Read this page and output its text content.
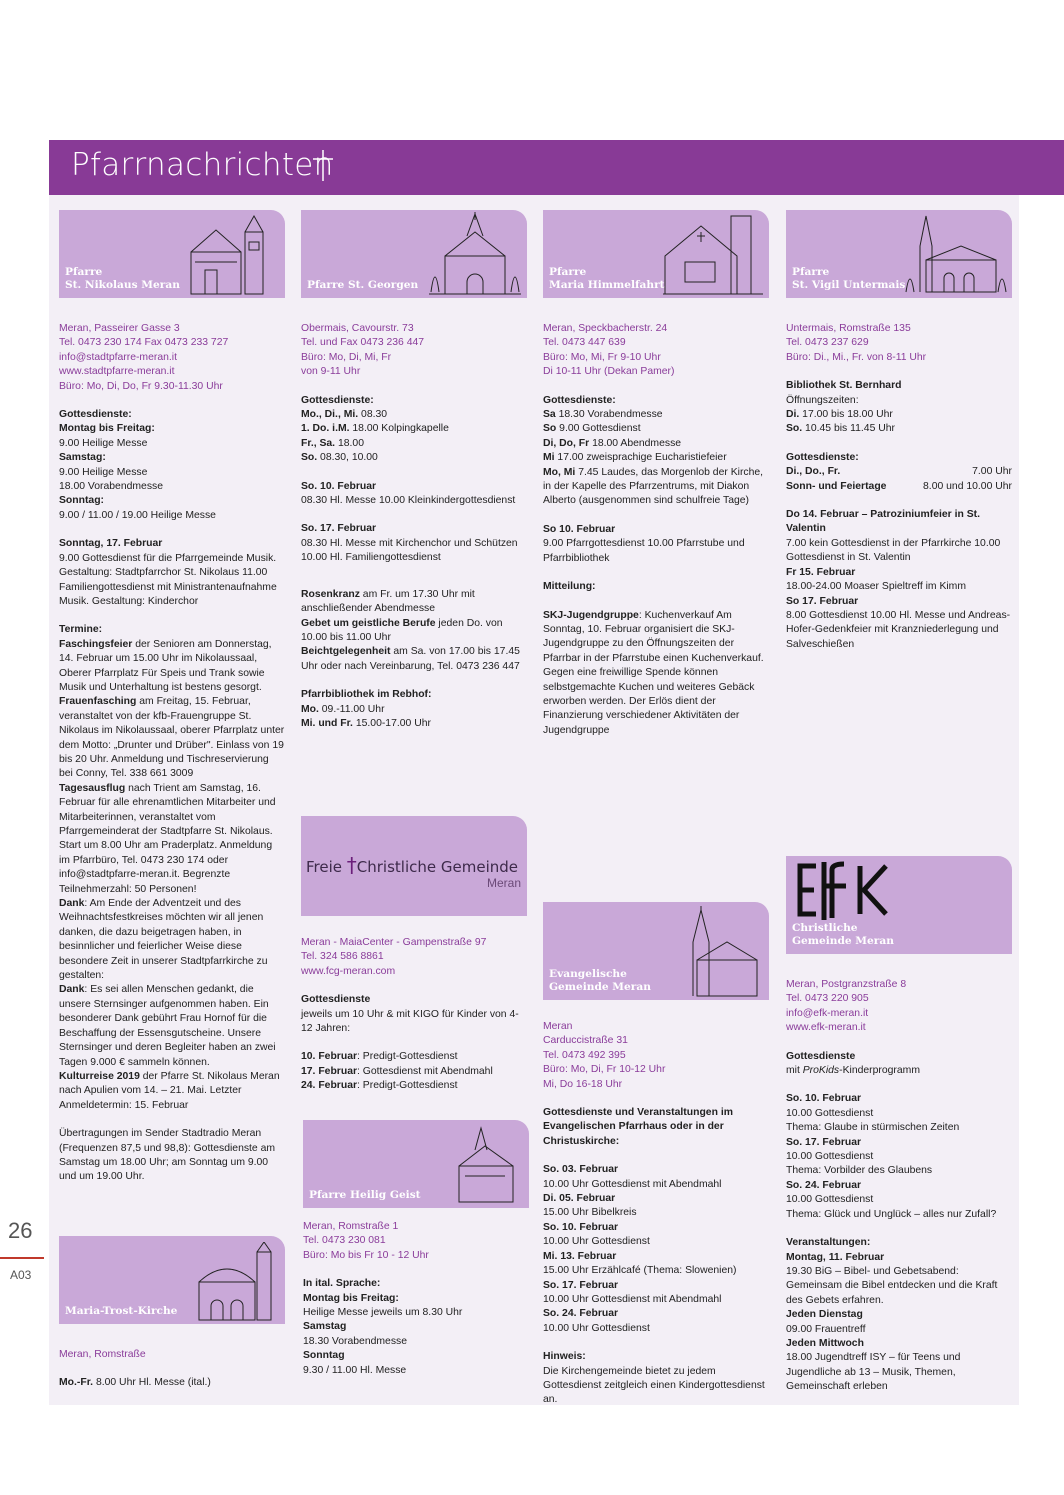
Pfarrnachrichten
26
A03
Pfarre
St. Nikolaus Meran
Meran, Passeirer Gasse 3
Tel. 0473 230 174 Fax 0473 233 727
info@stadtpfarre-meran.it
www.stadtpfarre-meran.it
Büro: Mo, Di, Do, Fr 9.30-11.30 Uhr
Gottesdienste:
Montag bis Freitag:
9.00 Heilige Messe
Samstag:
9.00 Heilige Messe
18.00 Vorabendmesse
Sonntag:
9.00 / 11.00 / 19.00 Heilige Messe
Sonntag, 17. Februar
9.00 Gottesdienst für die Pfarrgemeinde Musik. Gestaltung: Stadtpfarrchor St. Nikolaus 11.00 Familiengottesdienst mit Ministrantenaufnahme Musik. Gestaltung: Kinderchor
Termine:
Faschingsfeier der Senioren am Donnerstag, 14. Februar um 15.00 Uhr im Nikolaussaal, Oberer Pfarrplatz Für Speis und Trank sowie Musik und Unterhaltung ist bestens gesorgt.
Frauenfasching am Freitag, 15. Februar, veranstaltet von der kfb-Frauengruppe St. Nikolaus im Nikolaussaal, oberer Pfarrplatz unter dem Motto: „Drunter und Drüber". Einlass von 19 bis 20 Uhr. Anmeldung und Tischreservierung bei Conny, Tel. 338 661 3009
Tagesausflug nach Trient am Samstag, 16. Februar für alle ehrenamtlichen Mitarbeiter und Mitarbeiterinnen, veranstaltet vom Pfarrgemeinderat der Stadtpfarre St. Nikolaus. Start um 8.00 Uhr am Praderplatz. Anmeldung im Pfarrbüro, Tel. 0473 230 174 oder info@stadtpfarre-meran.it. Begrenzte Teilnehmerzahl: 50 Personen!
Dank: Am Ende der Adventzeit und des Weihnachtsfestkreises möchten wir all jenen danken, die dazu beigetragen haben, in besinnlicher und feierlicher Weise diese besondere Zeit in unserer Stadtpfarrkirche zu gestalten:
Dank: Es sei allen Menschen gedankt, die unsere Sternsinger aufgenommen haben. Ein besonderer Dank gebührt Frau Hornof für die Beschaffung der Essensgutscheine. Unsere Sternsinger und deren Begleiter haben an zwei Tagen 9.000 € sammeln können.
Kulturreise 2019 der Pfarre St. Nikolaus Meran nach Apulien vom 14. – 21. Mai. Letzter Anmeldetermin: 15. Februar
Übertragungen im Sender Stadtradio Meran (Frequenzen 87,5 und 98,8): Gottesdienste am Samstag um 18.00 Uhr; am Sonntag um 9.00 und um 19.00 Uhr.
Maria-Trost-Kirche
Meran, Romstraße
Mo.-Fr. 8.00 Uhr Hl. Messe (ital.)
Pfarre St. Georgen
Obermais, Cavourstr. 73
Tel. und Fax 0473 236 447
Büro: Mo, Di, Mi, Fr
von 9-11 Uhr
Gottesdienste:
Mo., Di., Mi. 08.30
1. Do. i.M. 18.00 Kolpingkapelle
Fr., Sa. 18.00
So. 08.30, 10.00
So. 10. Februar
08.30 Hl. Messe 10.00 Kleinkindergottesdienst
So. 17. Februar
08.30 Hl. Messe mit Kirchenchor und Schützen 10.00 Hl. Familiengottesdienst
Rosenkranz am Fr. um 17.30 Uhr mit anschließender Abendmesse
Gebet um geistliche Berufe jeden Do. von 10.00 bis 11.00 Uhr
Beichtgelegenheit am Sa. von 17.00 bis 17.45 Uhr oder nach Vereinbarung, Tel. 0473 236 447
Pfarrbibliothek im Rebhof:
Mo. 09.-11.00 Uhr
Mi. und Fr. 15.00-17.00 Uhr
Freie †Christliche Gemeinde
Meran
Meran - MaiaCenter - Gampenstraße 97
Tel. 324 586 8861
www.fcg-meran.com
Gottesdienste
jeweils um 10 Uhr & mit KIGO für Kinder von 4-12 Jahren:
10. Februar: Predigt-Gottesdienst
17. Februar: Gottesdienst mit Abendmahl
24. Februar: Predigt-Gottesdienst
Pfarre Heilig Geist
Meran, Romstraße 1
Tel. 0473 230 081
Büro: Mo bis Fr 10 - 12 Uhr
In ital. Sprache:
Montag bis Freitag:
Heilige Messe jeweils um 8.30 Uhr
Samstag
18.30 Vorabendmesse
Sonntag
9.30 / 11.00 Hl. Messe
Pfarre
Maria Himmelfahrt
Meran, Speckbacherstr. 24
Tel. 0473 447 639
Büro: Mo, Mi, Fr 9-10 Uhr
Di 10-11 Uhr (Dekan Pamer)
Gottesdienste:
Sa 18.30 Vorabendmesse
So 9.00 Gottesdienst
Di, Do, Fr 18.00 Abendmesse
Mi 17.00 zweisprachige Eucharistiefeier
Mo, Mi 7.45 Laudes, das Morgenlob der Kirche, in der Kapelle des Pfarrzentrums, mit Diakon Alberto (ausgenommen sind schulfreie Tage)
So 10. Februar
9.00 Pfarrgottesdienst 10.00 Pfarrstube und Pfarrbibliothek
Mitteilung:
SKJ-Jugendgruppe: Kuchenverkauf Am Sonntag, 10. Februar organisiert die SKJ-Jugendgruppe zu den Öffnungszeiten der Pfarrbar in der Pfarrstube einen Kuchenverkauf. Gegen eine freiwillige Spende können selbstgemachte Kuchen und weiteres Gebäck erworben werden. Der Erlös dient der Finanzierung verschiedener Aktivitäten der Jugendgruppe
Evangelische
Gemeinde Meran
Meran
Carduccistraße 31
Tel. 0473 492 395
Büro: Mo, Di, Fr 10-12 Uhr
Mi, Do 16-18 Uhr
Gottesdienste und Veranstaltungen im Evangelischen Pfarrhaus oder in der Christuskirche:
So. 03. Februar
10.00 Uhr Gottesdienst mit Abendmahl
Di. 05. Februar
15.00 Uhr Bibelkreis
So. 10. Februar
10.00 Uhr Gottesdienst
Mi. 13. Februar
15.00 Uhr Erzählcafé (Thema: Slowenien)
So. 17. Februar
10.00 Uhr Gottesdienst mit Abendmahl
So. 24. Februar
10.00 Uhr Gottesdienst
Hinweis:
Die Kirchengemeinde bietet zu jedem Gottesdienst zeitgleich einen Kindergottesdienst an.
Pfarre
St. Vigil Untermais
Untermais, Romstraße 135
Tel. 0473 237 629
Büro: Di., Mi., Fr. von 8-11 Uhr
Bibliothek St. Bernhard
Öffnungszeiten:
Di. 17.00 bis 18.00 Uhr
So. 10.45 bis 11.45 Uhr
Gottesdienste:
Di., Do., Fr.	7.00 Uhr
Sonn- und Feiertage	8.00 und 10.00 Uhr
Do 14. Februar – Patroziniumfeier in St. Valentin
7.00 kein Gottesdienst in der Pfarrkirche 10.00 Gottesdienst in St. Valentin
Fr 15. Februar
18.00-24.00 Moaser Spieltreff im Kimm
So 17. Februar
8.00 Gottesdienst 10.00 Hl. Messe und Andreas-Hofer-Gedenkfeier mit Kranzniederlegung und Salveschießen
Christliche
Gemeinde Meran
Meran, Postgranzstraße 8
Tel. 0473 220 905
info@efk-meran.it
www.efk-meran.it
Gottesdienste
mit ProKids-Kinderprogramm
So. 10. Februar
10.00 Gottesdienst
Thema: Glaube in stürmischen Zeiten
So. 17. Februar
10.00 Gottesdienst
Thema: Vorbilder des Glaubens
So. 24. Februar
10.00 Gottesdienst
Thema: Glück und Unglück – alles nur Zufall?
Veranstaltungen:
Montag, 11. Februar
19.30 BiG – Bibel- und Gebetsabend: Gemeinsam die Bibel entdecken und die Kraft des Gebets erfahren.
Jeden Dienstag
09.00 Frauentreff
Jeden Mittwoch
18.00 Jugendtreff ISY – für Teens und Jugendliche ab 13 – Musik, Themen, Gemeinschaft erleben
